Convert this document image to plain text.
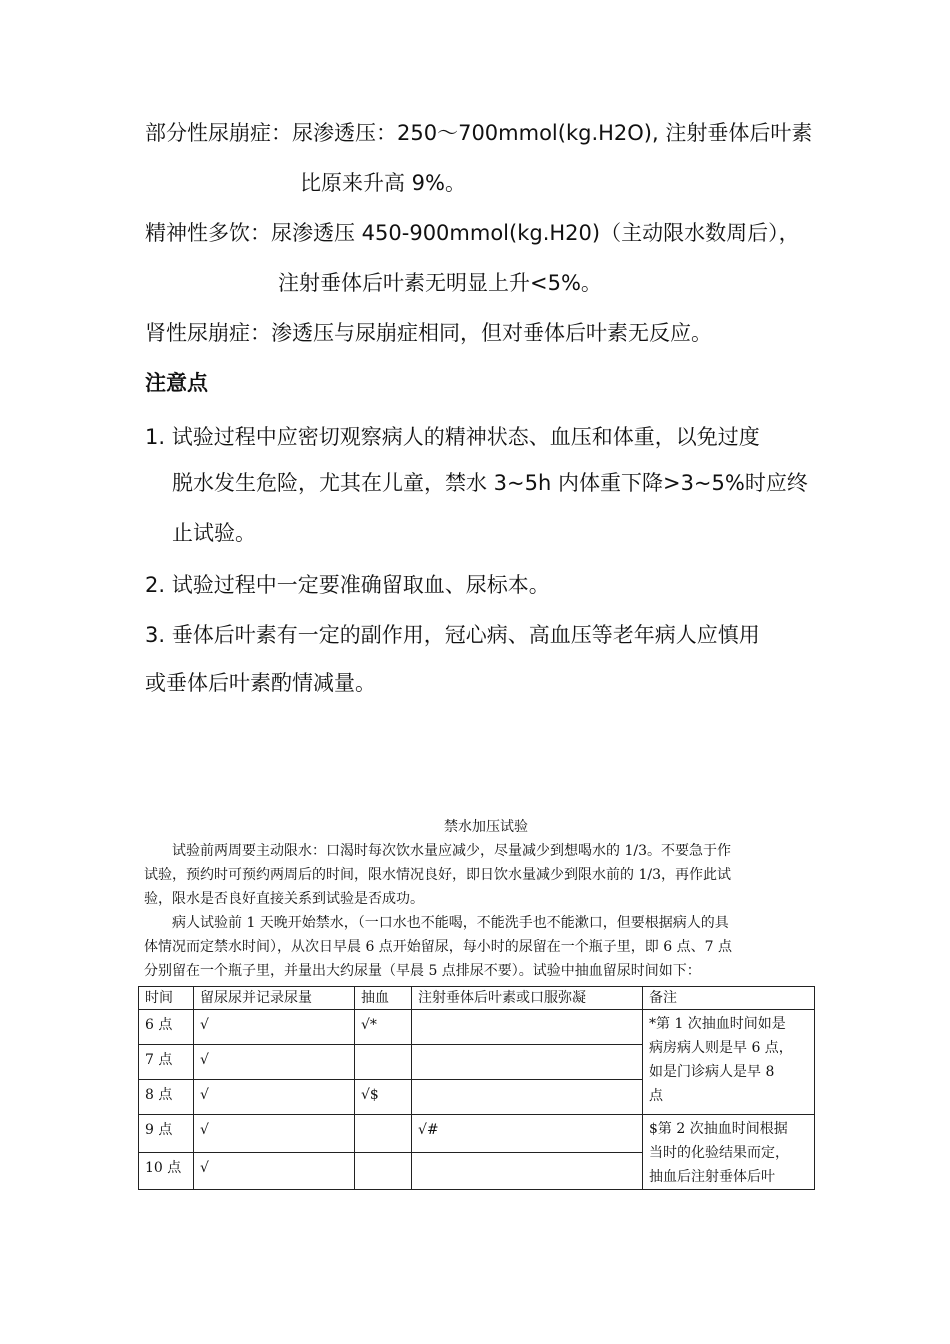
部分性尿崩症：尿渗透压：250～700mmol(kg.H2O), 注射垂体后叶素
比原来升高 9%。
精神性多饮：尿渗透压 450-900mmol(kg.H20)（主动限水数周后），
注射垂体后叶素无明显上升<5%。
肾性尿崩症：渗透压与尿崩症相同，但对垂体后叶素无反应。
注意点
1. 试验过程中应密切观察病人的精神状态、血压和体重，以免过度
脱水发生危险，尤其在儿童，禁水 3~5h 内体重下降>3~5%时应终
止试验。
2. 试验过程中一定要准确留取血、尿标本。
3. 垂体后叶素有一定的副作用，冠心病、高血压等老年病人应慎用
或垂体后叶素酌情减量。
禁水加压试验
试验前两周要主动限水：口渴时每次饮水量应减少，尽量减少到想喝水的 1/3。不要急于作
试验，预约时可预约两周后的时间，限水情况良好，即日饮水量减少到限水前的 1/3，再作此试
验，限水是否良好直接关系到试验是否成功。
病人试验前 1 天晚开始禁水，（一口水也不能喝，不能洗手也不能漱口，但要根据病人的具
体情况而定禁水时间），从次日早晨 6 点开始留尿，每小时的尿留在一个瓶子里，即 6 点、7 点
分别留在一个瓶子里，并量出大约尿量（早晨 5 点排尿不要）。试验中抽血留尿时间如下：
时间	留尿尿并记录尿量	抽血	注射垂体后叶素或口服弥凝	备注
6 点	√	√*		*第 1 次抽血时间如是
病房病人则是早 6 点，
如是门诊病人是早 8
点

7 点	√			
8 点	√	√$		
9 点	√		√#	$第 2 次抽血时间根据
当时的化验结果而定，
抽血后注射垂体后叶

10 点	√			
